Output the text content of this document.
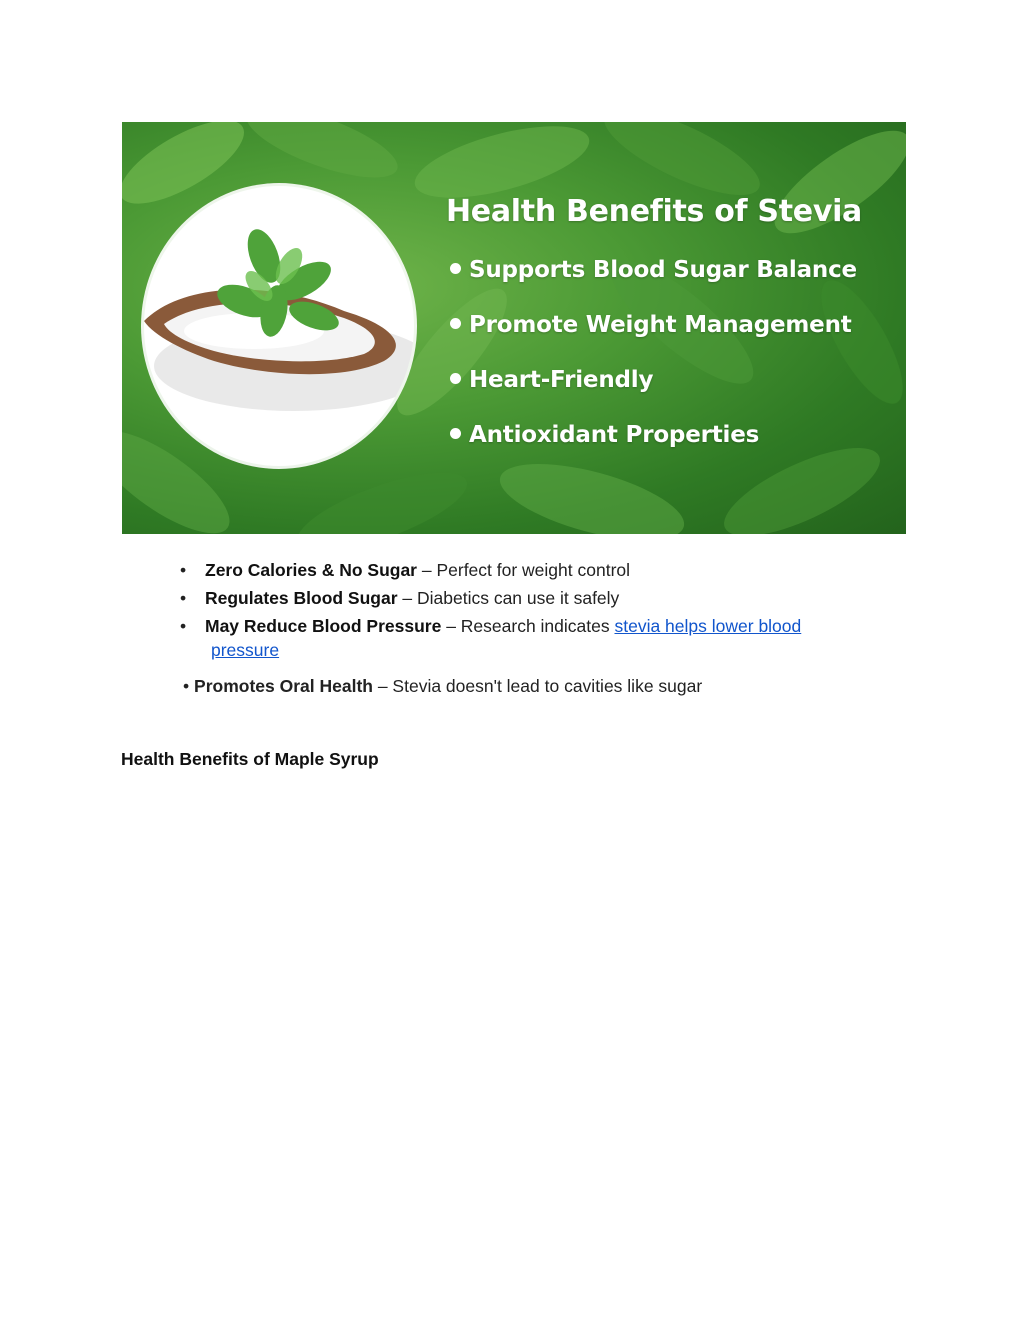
Health Benefits of Stevia
Supports Blood Sugar Balance
Promote Weight Management
Heart-Friendly
Antioxidant Properties
• Zero Calories & No Sugar – Perfect for weight control
• Regulates Blood Sugar – Diabetics can use it safely
• May Reduce Blood Pressure – Research indicates stevia helps lower blood
pressure
• Promotes Oral Health – Stevia doesn't lead to cavities like sugar
Health Benefits of Maple Syrup
